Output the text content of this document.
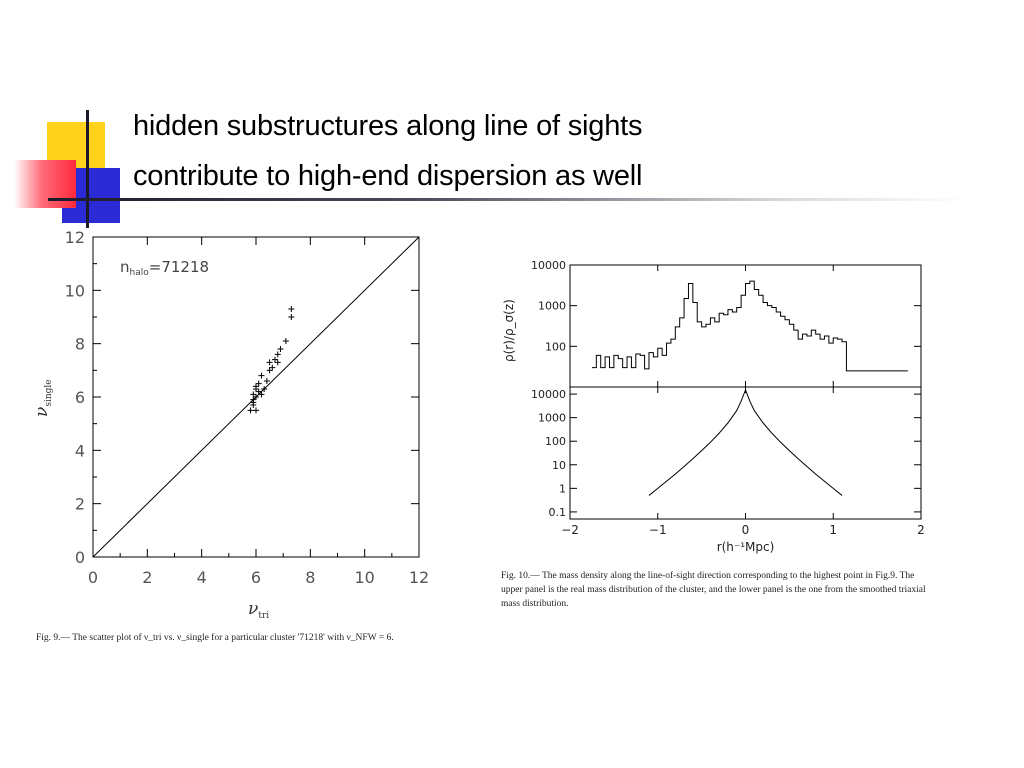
hidden substructures along line of sights
contribute to high-end dispersion as well
0	2	4	6	8 10 12
0
2
4
6
8
10
12
$n_{halo}=71218$
$\nu_{tri}$
$\nu_{single}$
100
1000
10000
ρ(r)/ρ_σ(z)
0.1
1
10
100
1000
10000
−2	−1	0	1	2
r(h⁻¹Mpc)
Fig. 9.— The scatter plot of ν_tri vs. ν_single for a particular cluster '71218' with ν_NFW = 6.
Fig. 10.— The mass density along the line-of-sight direction corresponding to the highest point in Fig.9. The upper panel is the real mass distribution of the cluster, and the lower panel is the one from the smoothed triaxial mass distribution.
